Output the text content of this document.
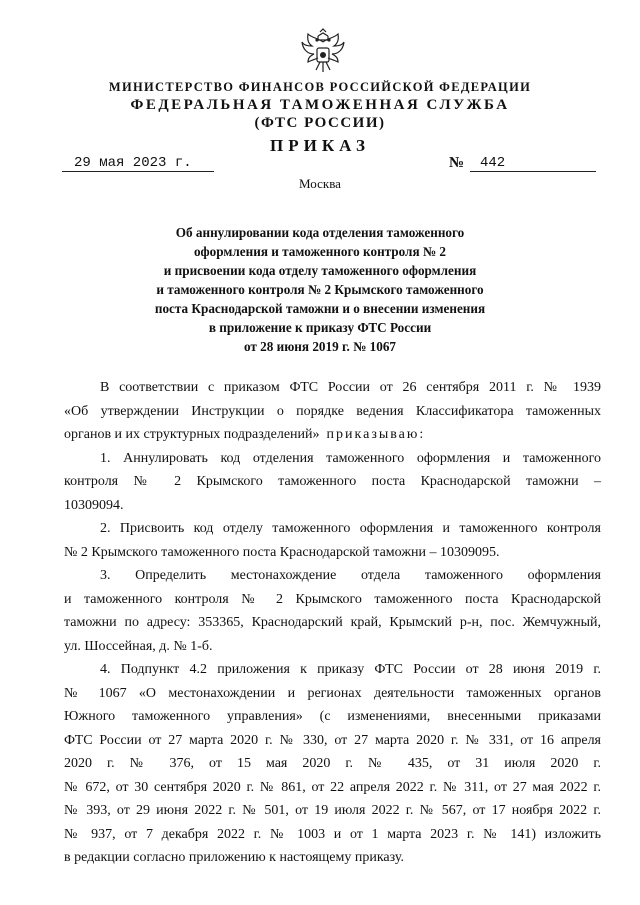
МИНИСТЕРСТВО ФИНАНСОВ РОССИЙСКОЙ ФЕДЕРАЦИИ
ФЕДЕРАЛЬНАЯ ТАМОЖЕННАЯ СЛУЖБА
(ФТС РОССИИ)
ПРИКАЗ
29 мая 2023 г.	№	442
Москва
Об аннулировании кода отделения таможенного
оформления и таможенного контроля № 2
и присвоении кода отделу таможенного оформления
и таможенного контроля № 2 Крымского таможенного
поста Краснодарской таможни и о внесении изменения
в приложение к приказу ФТС России
от 28 июня 2019 г. № 1067
В соответствии с приказом ФТС России от 26 сентября 2011 г. № 1939
«Об утверждении Инструкции о порядке ведения Классификатора таможенных
органов и их структурных подразделений» приказываю:
1. Аннулировать код отделения таможенного оформления и таможенного
контроля № 2 Крымского таможенного поста Краснодарской таможни –
10309094.
2. Присвоить код отделу таможенного оформления и таможенного контроля
№ 2 Крымского таможенного поста Краснодарской таможни – 10309095.
3. Определить местонахождение отдела таможенного оформления
и таможенного контроля № 2 Крымского таможенного поста Краснодарской
таможни по адресу: 353365, Краснодарский край, Крымский р-н, пос. Жемчужный,
ул. Шоссейная, д. № 1-б.
4. Подпункт 4.2 приложения к приказу ФТС России от 28 июня 2019 г.
№ 1067 «О местонахождении и регионах деятельности таможенных органов
Южного таможенного управления» (с изменениями, внесенными приказами
ФТС России от 27 марта 2020 г. № 330, от 27 марта 2020 г. № 331, от 16 апреля
2020 г. № 376, от 15 мая 2020 г. № 435, от 31 июля 2020 г.
№ 672, от 30 сентября 2020 г. № 861, от 22 апреля 2022 г. № 311, от 27 мая 2022 г.
№ 393, от 29 июня 2022 г. № 501, от 19 июля 2022 г. № 567, от 17 ноября 2022 г.
№ 937, от 7 декабря 2022 г. № 1003 и от 1 марта 2023 г. № 141) изложить
в редакции согласно приложению к настоящему приказу.
